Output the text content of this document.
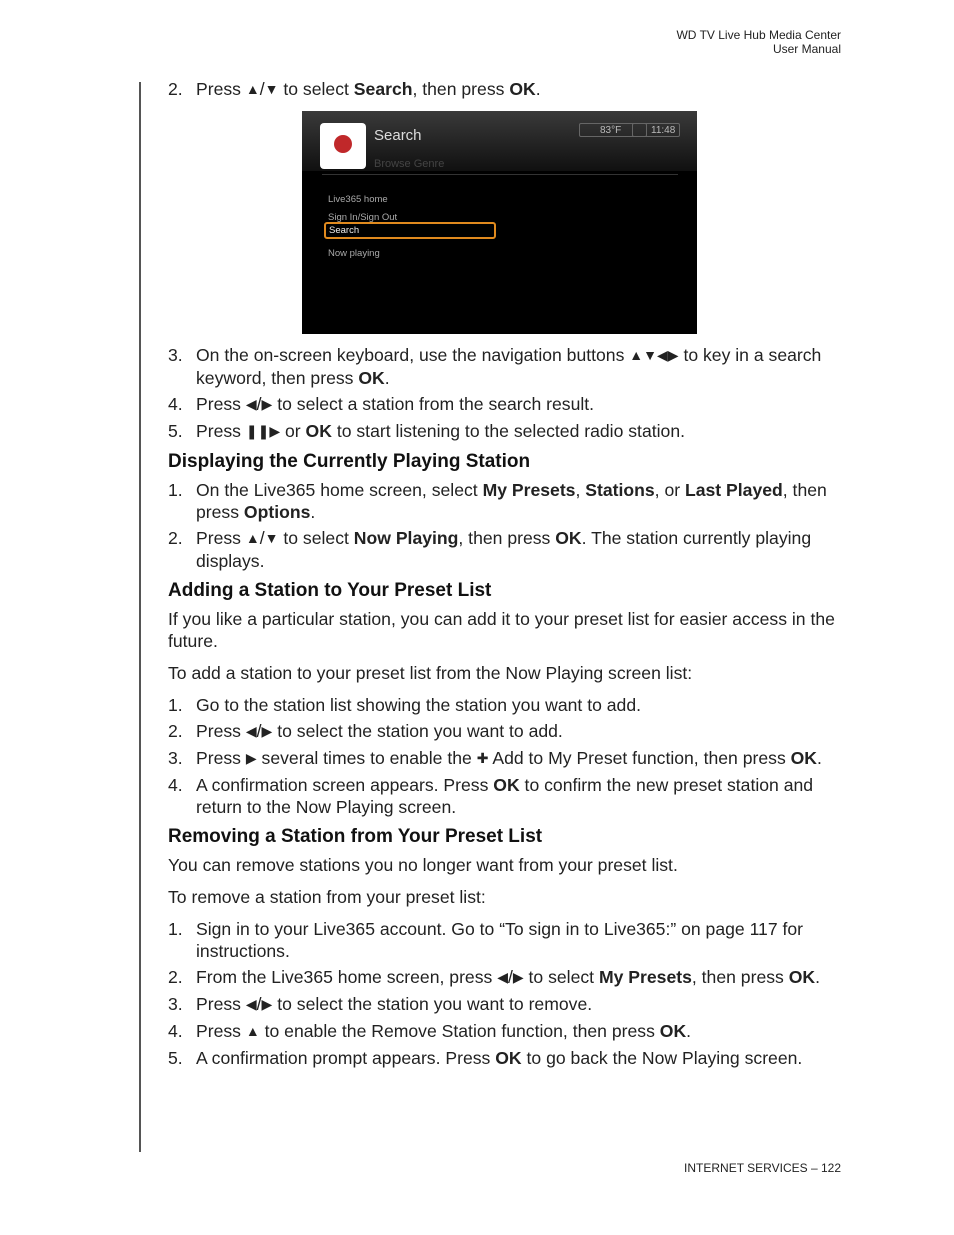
WD TV Live Hub Media Center
User Manual
2. Press ▲/▼ to select Search, then press OK.
Search	83°F	11:48
Browse Genre
Live365 home
Sign In/Sign Out
Search
Now playing
3. On the on-screen keyboard, use the navigation buttons ▲▼◀▶ to key in a search keyword, then press OK.
4. Press ◀/▶ to select a station from the search result.
5. Press ❚❚▶ or OK to start listening to the selected radio station.
Displaying the Currently Playing Station
1. On the Live365 home screen, select My Presets, Stations, or Last Played, then press Options.
2. Press ▲/▼ to select Now Playing, then press OK. The station currently playing displays.
Adding a Station to Your Preset List
If you like a particular station, you can add it to your preset list for easier access in the future.
To add a station to your preset list from the Now Playing screen list:
1. Go to the station list showing the station you want to add.
2. Press ◀/▶ to select the station you want to add.
3. Press ▶ several times to enable the ✚ Add to My Preset function, then press OK.
4. A confirmation screen appears. Press OK to confirm the new preset station and return to the Now Playing screen.
Removing a Station from Your Preset List
You can remove stations you no longer want from your preset list.
To remove a station from your preset list:
1. Sign in to your Live365 account. Go to “To sign in to Live365:” on page 117 for instructions.
2. From the Live365 home screen, press ◀/▶ to select My Presets, then press OK.
3. Press ◀/▶ to select the station you want to remove.
4. Press ▲ to enable the Remove Station function, then press OK.
5. A confirmation prompt appears. Press OK to go back the Now Playing screen.
INTERNET SERVICES – 122
